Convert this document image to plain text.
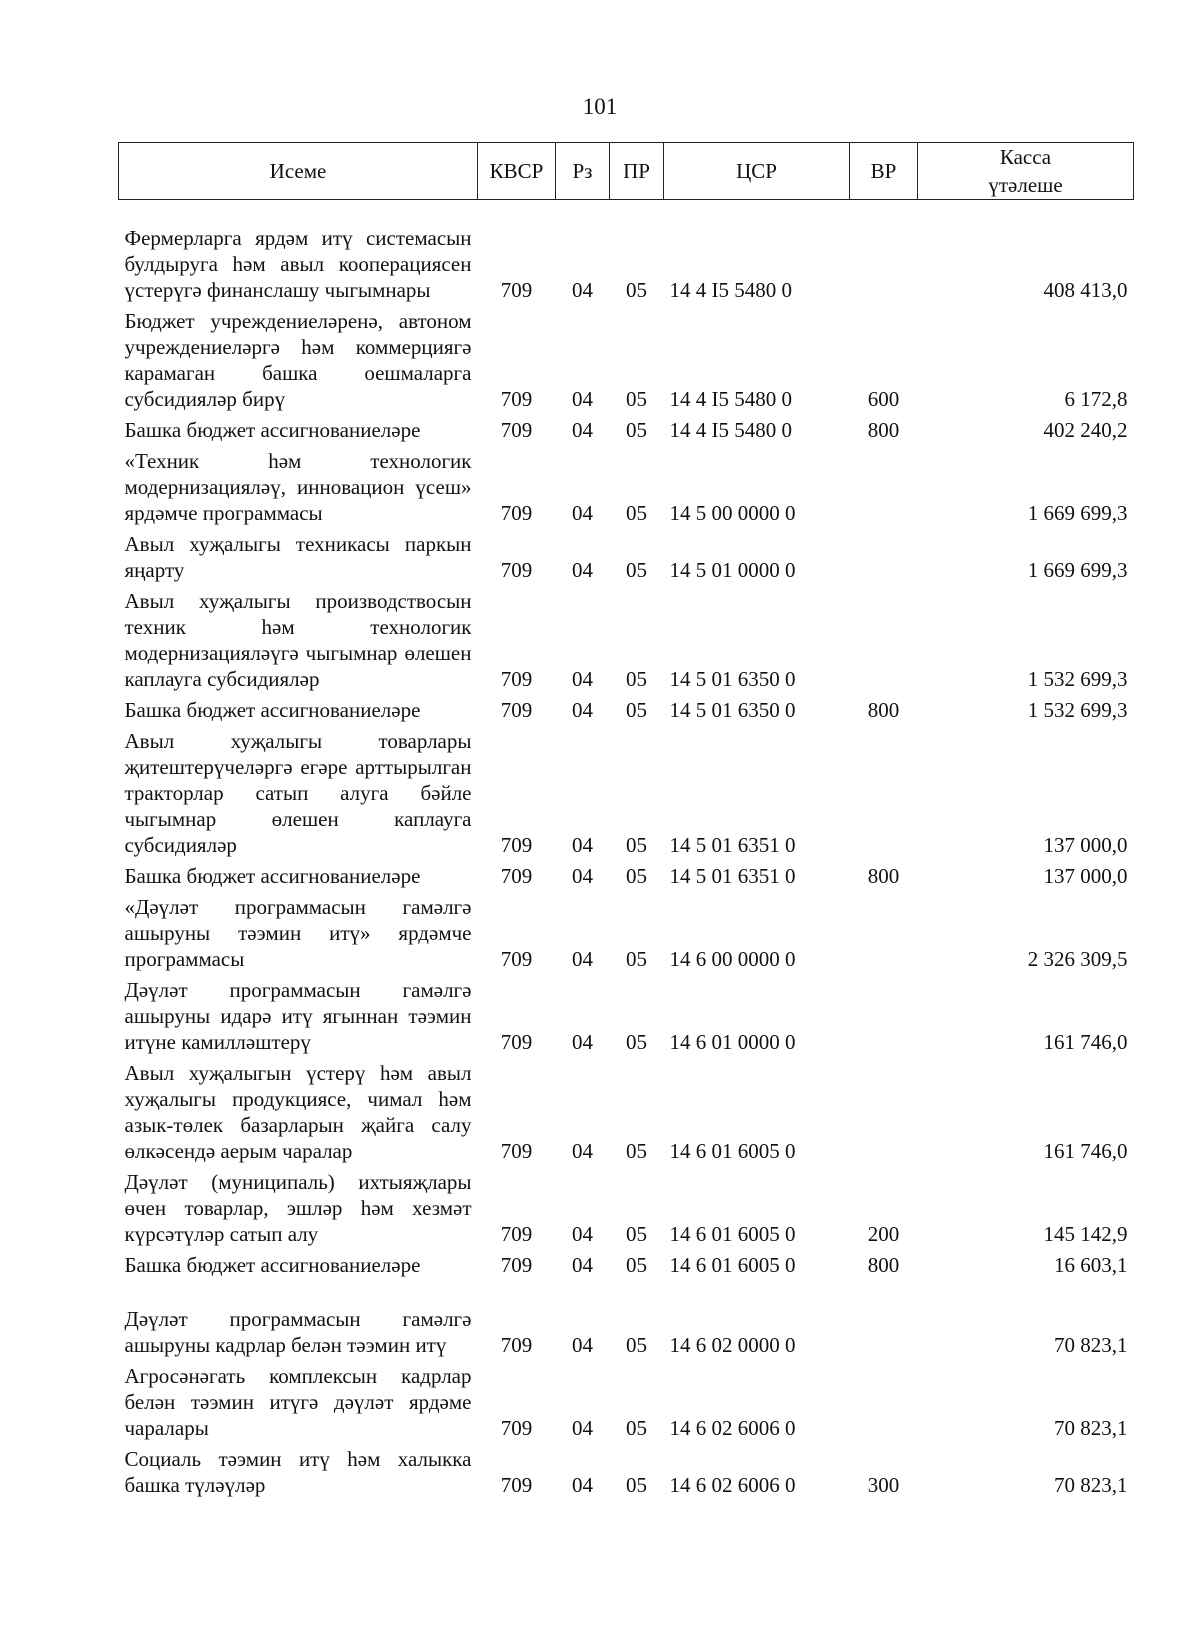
101
Исеме	КВСР	Рз	ПР	ЦСР	ВР	Касса
үтәлеше
Фермерларга ярдәм итү системасын булдыруга һәм авыл кооперациясен үстерүгә финанслашу чыгымнары	709	04	05	14 4 I5 5480 0		408 413,0
Бюджет учреждениеләренә, автоном учреждениеләргә һәм коммерциягә карамаган башка оешмаларга субсидияләр бирү	709	04	05	14 4 I5 5480 0	600	6 172,8
Башка бюджет ассигнованиеләре	709	04	05	14 4 I5 5480 0	800	402 240,2
«Техник һәм технологик модернизацияләү, инновацион үсеш» ярдәмче программасы	709	04	05	14 5 00 0000 0		1 669 699,3
Авыл хуҗалыгы техникасы паркын яңарту	709	04	05	14 5 01 0000 0		1 669 699,3
Авыл хуҗалыгы производствосын техник һәм технологик модернизацияләүгә чыгымнар өлешен каплауга субсидияләр	709	04	05	14 5 01 6350 0		1 532 699,3
Башка бюджет ассигнованиеләре	709	04	05	14 5 01 6350 0	800	1 532 699,3
Авыл хуҗалыгы товарлары җитештерүчеләргә егәре арттырылган тракторлар сатып алуга бәйле чыгымнар өлешен каплауга субсидияләр	709	04	05	14 5 01 6351 0		137 000,0
Башка бюджет ассигнованиеләре	709	04	05	14 5 01 6351 0	800	137 000,0
«Дәүләт программасын гамәлгә ашыруны тәэмин итү» ярдәмче программасы	709	04	05	14 6 00 0000 0		2 326 309,5
Дәүләт программасын гамәлгә ашыруны идарә итү ягыннан тәэмин итүне камилләштерү	709	04	05	14 6 01 0000 0		161 746,0
Авыл хуҗалыгын үстерү һәм авыл хуҗалыгы продукциясе, чимал һәм азык-төлек базарларын җайга салу өлкәсендә аерым чаралар	709	04	05	14 6 01 6005 0		161 746,0
Дәүләт (муниципаль) ихтыяҗлары өчен товарлар, эшләр һәм хезмәт күрсәтүләр сатып алу	709	04	05	14 6 01 6005 0	200	145 142,9
Башка бюджет ассигнованиеләре	709	04	05	14 6 01 6005 0	800	16 603,1
Дәүләт программасын гамәлгә ашыруны кадрлар белән тәэмин итү	709	04	05	14 6 02 0000 0		70 823,1
Агросәнәгать комплексын кадрлар белән тәэмин итүгә дәүләт ярдәме чаралары	709	04	05	14 6 02 6006 0		70 823,1
Социаль тәэмин итү һәм халыкка башка түләүләр	709	04	05	14 6 02 6006 0	300	70 823,1
